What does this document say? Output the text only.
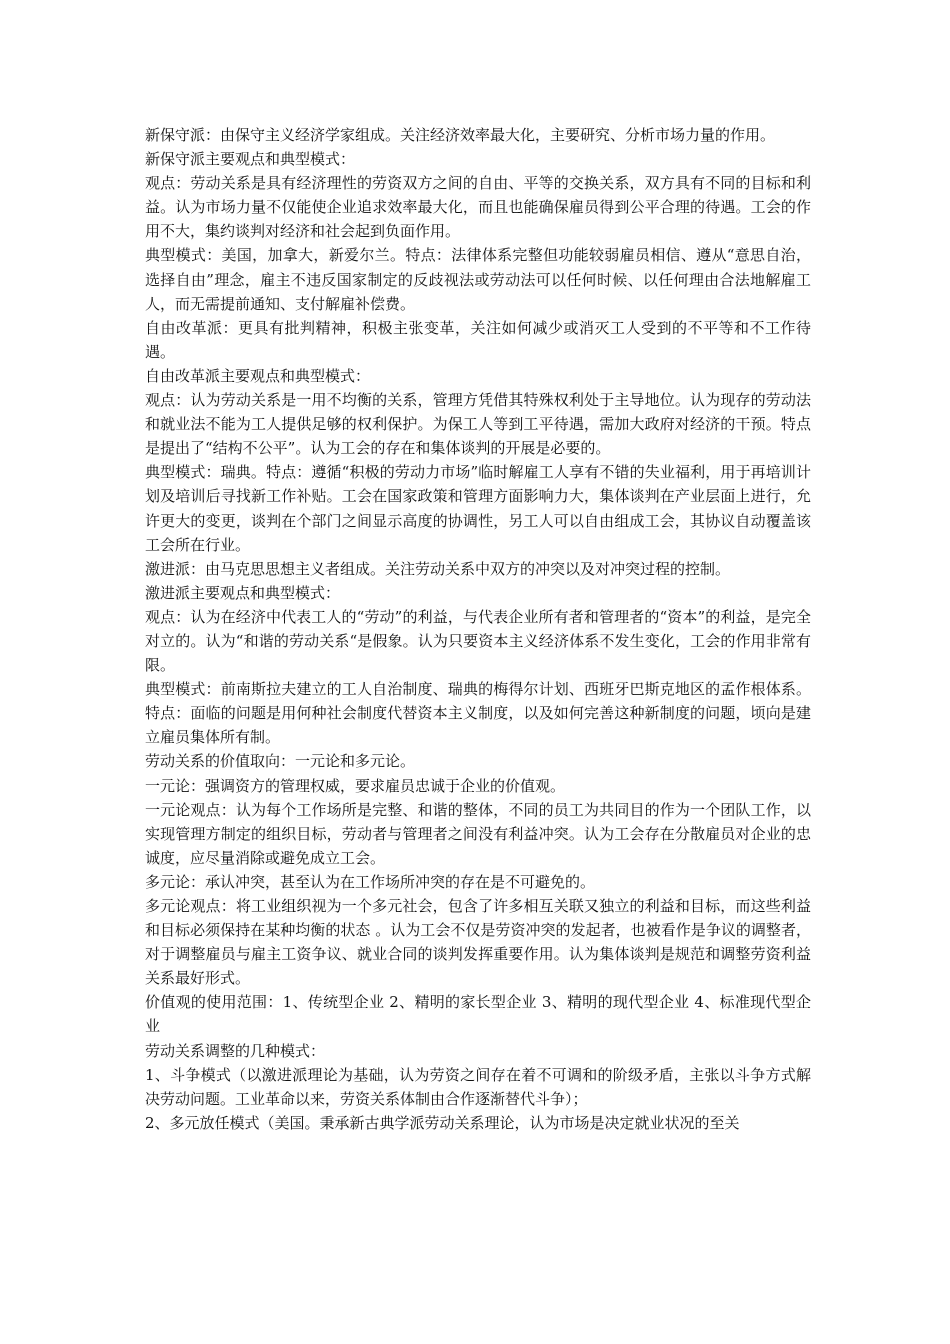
新保守派：由保守主义经济学家组成。关注经济效率最大化，主要研究、分析市场力量的作用。

新保守派主要观点和典型模式：

观点：劳动关系是具有经济理性的劳资双方之间的自由、平等的交换关系，双方具有不同的目标和利益。认为市场力量不仅能使企业追求效率最大化，而且也能确保雇员得到公平合理的待遇。工会的作用不大，集约谈判对经济和社会起到负面作用。

典型模式：美国，加拿大，新爱尔兰。特点：法律体系完整但功能较弱雇员相信、遵从“意思自治，选择自由”理念，雇主不违反国家制定的反歧视法或劳动法可以任何时候、以任何理由合法地解雇工人，而无需提前通知、支付解雇补偿费。

自由改革派：更具有批判精神，积极主张变革，关注如何减少或消灭工人受到的不平等和不工作待遇。

自由改革派主要观点和典型模式：

观点：认为劳动关系是一用不均衡的关系，管理方凭借其特殊权利处于主导地位。认为现存的劳动法和就业法不能为工人提供足够的权利保护。为保工人等到工平待遇，需加大政府对经济的干预。特点是提出了“结构不公平”。认为工会的存在和集体谈判的开展是必要的。

典型模式：瑞典。特点：遵循“积极的劳动力市场”临时解雇工人享有不错的失业福利，用于再培训计划及培训后寻找新工作补贴。工会在国家政策和管理方面影响力大，集体谈判在产业层面上进行，允许更大的变更，谈判在个部门之间显示高度的协调性，另工人可以自由组成工会，其协议自动覆盖该工会所在行业。

激进派：由马克思思想主义者组成。关注劳动关系中双方的冲突以及对冲突过程的控制。

激进派主要观点和典型模式：

观点：认为在经济中代表工人的“劳动”的利益，与代表企业所有者和管理者的“资本”的利益，是完全对立的。认为“和谐的劳动关系“是假象。认为只要资本主义经济体系不发生变化，工会的作用非常有限。

典型模式：前南斯拉夫建立的工人自治制度、瑞典的梅得尔计划、西班牙巴斯克地区的孟作根体系。特点：面临的问题是用何种社会制度代替资本主义制度，以及如何完善这种新制度的问题，顷向是建立雇员集体所有制。

劳动关系的价值取向：一元论和多元论。

一元论：强调资方的管理权威，要求雇员忠诚于企业的价值观。

一元论观点：认为每个工作场所是完整、和谐的整体，不同的员工为共同目的作为一个团队工作，以实现管理方制定的组织目标，劳动者与管理者之间没有利益冲突。认为工会存在分散雇员对企业的忠诚度，应尽量消除或避免成立工会。

多元论：承认冲突，甚至认为在工作场所冲突的存在是不可避免的。

多元论观点：将工业组织视为一个多元社会，包含了许多相互关联又独立的利益和目标，而这些利益和目标必须保持在某种均衡的状态 。认为工会不仅是劳资冲突的发起者，也被看作是争议的调整者，对于调整雇员与雇主工资争议、就业合同的谈判发挥重要作用。认为集体谈判是规范和调整劳资利益关系最好形式。

价值观的使用范围：1、传统型企业 2、精明的家长型企业 3、精明的现代型企业 4、标准现代型企业

劳动关系调整的几种模式：

1、斗争模式（以激进派理论为基础，认为劳资之间存在着不可调和的阶级矛盾，主张以斗争方式解决劳动问题。工业革命以来，劳资关系体制由合作逐渐替代斗争）；

2、多元放任模式（美国。秉承新古典学派劳动关系理论，认为市场是决定就业状况的至关
